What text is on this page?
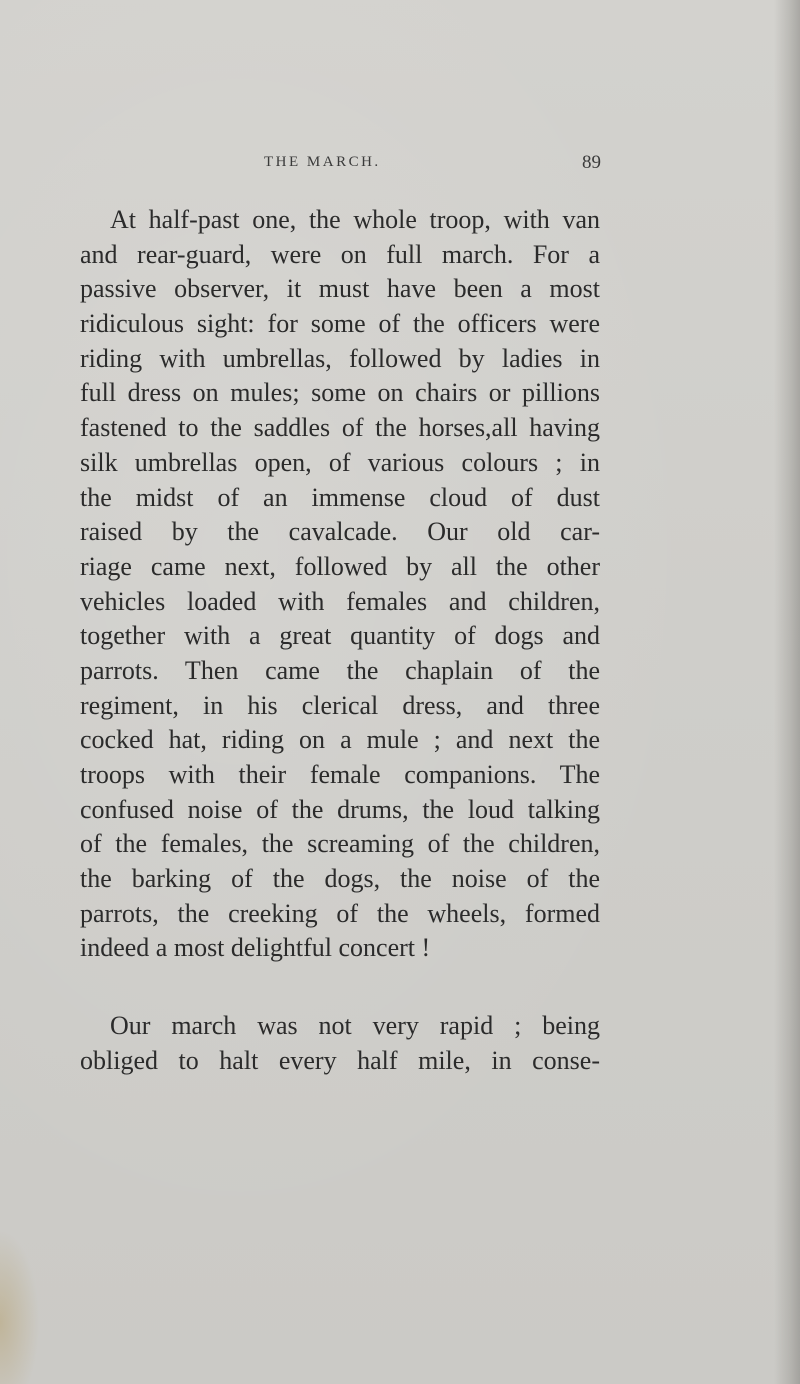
THE MARCH.	89
At half-past one, the whole troop, with van
and rear-guard, were on full march. For a
passive observer, it must have been a most
ridiculous sight: for some of the officers were
riding with umbrellas, followed by ladies in
full dress on mules; some on chairs or pillions
fastened to the saddles of the horses,all having
silk umbrellas open, of various colours ; in
the midst of an immense cloud of dust
raised by the cavalcade. Our old car-
riage came next, followed by all the other
vehicles loaded with females and children,
together with a great quantity of dogs and
parrots. Then came the chaplain of the
regiment, in his clerical dress, and three
cocked hat, riding on a mule ; and next the
troops with their female companions. The
confused noise of the drums, the loud talking
of the females, the screaming of the children,
the barking of the dogs, the noise of the
parrots, the creeking of the wheels, formed
indeed a most delightful concert !
Our march was not very rapid ; being
obliged to halt every half mile, in conse-
